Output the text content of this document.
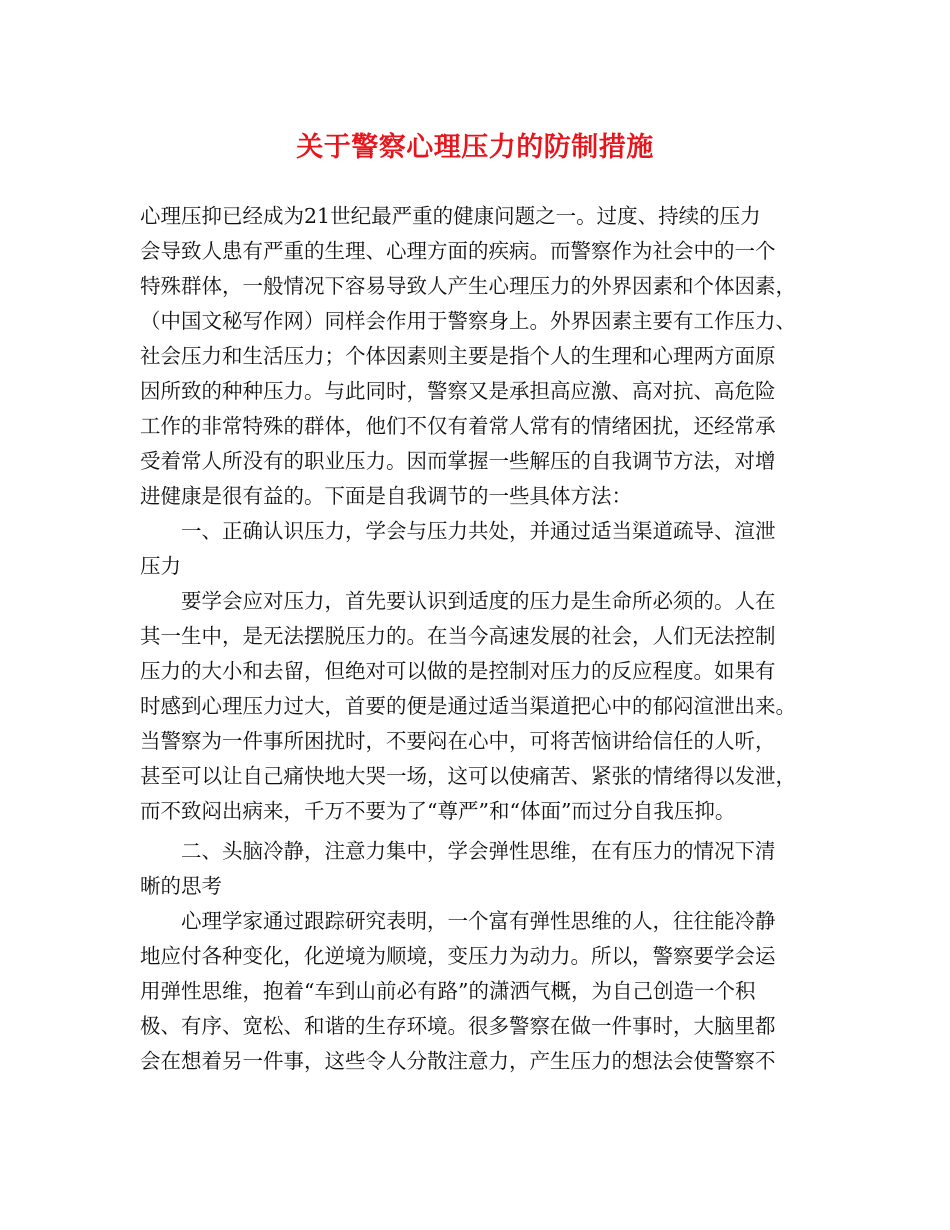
关于警察心理压力的防制措施
心理压抑已经成为21世纪最严重的健康问题之一。过度、持续的压力
会导致人患有严重的生理、心理方面的疾病。而警察作为社会中的一个
特殊群体，一般情况下容易导致人产生心理压力的外界因素和个体因素，
（中国文秘写作网）同样会作用于警察身上。外界因素主要有工作压力、
社会压力和生活压力；个体因素则主要是指个人的生理和心理两方面原
因所致的种种压力。与此同时，警察又是承担高应激、高对抗、高危险
工作的非常特殊的群体，他们不仅有着常人常有的情绪困扰，还经常承
受着常人所没有的职业压力。因而掌握一些解压的自我调节方法，对增
进健康是很有益的。下面是自我调节的一些具体方法：
一、正确认识压力，学会与压力共处，并通过适当渠道疏导、渲泄
压力
要学会应对压力，首先要认识到适度的压力是生命所必须的。人在
其一生中，是无法摆脱压力的。在当今高速发展的社会，人们无法控制
压力的大小和去留，但绝对可以做的是控制对压力的反应程度。如果有
时感到心理压力过大，首要的便是通过适当渠道把心中的郁闷渲泄出来。
当警察为一件事所困扰时，不要闷在心中，可将苦恼讲给信任的人听，
甚至可以让自己痛快地大哭一场，这可以使痛苦、紧张的情绪得以发泄，
而不致闷出病来，千万不要为了“尊严”和“体面”而过分自我压抑。
二、头脑冷静，注意力集中，学会弹性思维，在有压力的情况下清
晰的思考
心理学家通过跟踪研究表明，一个富有弹性思维的人，往往能冷静
地应付各种变化，化逆境为顺境，变压力为动力。所以，警察要学会运
用弹性思维，抱着“车到山前必有路”的潇洒气概，为自己创造一个积
极、有序、宽松、和谐的生存环境。很多警察在做一件事时，大脑里都
会在想着另一件事，这些令人分散注意力，产生压力的想法会使警察不
